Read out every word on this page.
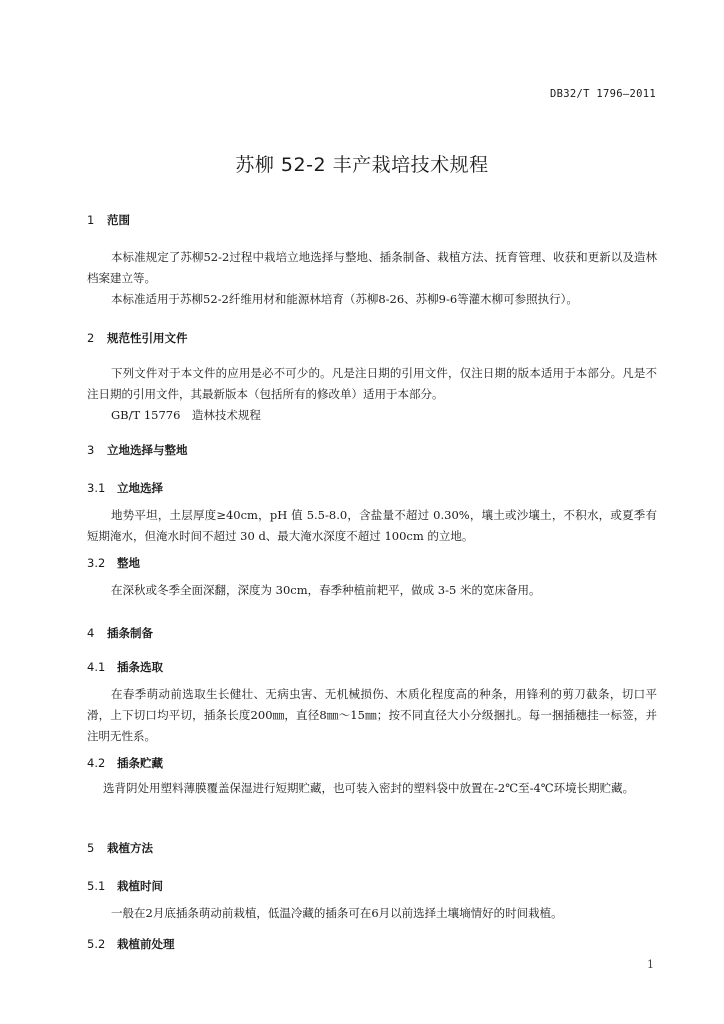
DB32/T 1796—2011
苏柳 52-2 丰产栽培技术规程
1 范围

本标准规定了苏柳52-2过程中栽培立地选择与整地、插条制备、栽植方法、抚育管理、收获和更新以及造林档案建立等。

本标准适用于苏柳52-2纤维用材和能源林培育（苏柳8-26、苏柳9-6等灌木柳可参照执行）。

2 规范性引用文件

下列文件对于本文件的应用是必不可少的。凡是注日期的引用文件，仅注日期的版本适用于本部分。凡是不注日期的引用文件，其最新版本（包括所有的修改单）适用于本部分。

GB/T 15776　造林技术规程

3 立地选择与整地
3.1 立地选择

地势平坦，土层厚度≥40cm，pH 值 5.5-8.0，含盐量不超过 0.30%，壤土或沙壤土，不积水，或夏季有短期淹水，但淹水时间不超过 30 d、最大淹水深度不超过 100cm 的立地。

3.2 整地

在深秋或冬季全面深翻，深度为 30cm，春季种植前耙平，做成 3-5 米的宽床备用。

4 插条制备
4.1 插条选取

在春季萌动前选取生长健壮、无病虫害、无机械损伤、木质化程度高的种条，用锋利的剪刀截条，切口平滑，上下切口均平切，插条长度200㎜，直径8㎜～15㎜；按不同直径大小分级捆扎。每一捆插穗挂一标签，并注明无性系。

4.2 插条贮藏

选背阴处用塑料薄膜覆盖保湿进行短期贮藏，也可装入密封的塑料袋中放置在-2℃至-4℃环境长期贮藏。

5 栽植方法
5.1 栽植时间

一般在2月底插条萌动前栽植，低温冷藏的插条可在6月以前选择土壤墒情好的时间栽植。

5.2 栽植前处理
1
